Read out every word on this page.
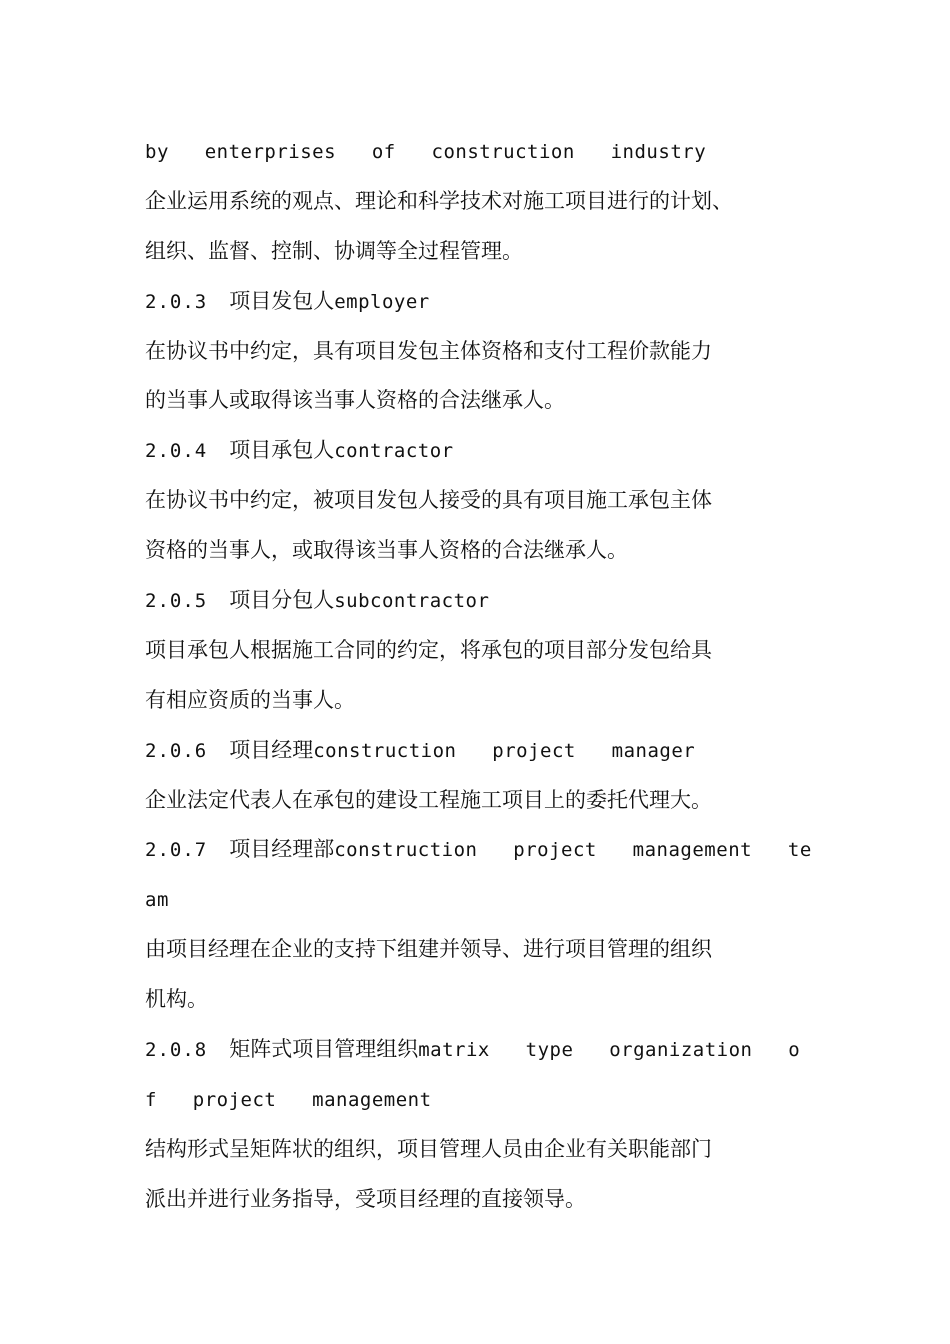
by   enterprises   of   construction   industry
企业运用系统的观点、理论和科学技术对施工项目进行的计划、
组织、监督、控制、协调等全过程管理。
2.0.3 项目发包人employer
在协议书中约定，具有项目发包主体资格和支付工程价款能力
的当事人或取得该当事人资格的合法继承人。
2.0.4 项目承包人contractor
在协议书中约定，被项目发包人接受的具有项目施工承包主体
资格的当事人，或取得该当事人资格的合法继承人。
2.0.5 项目分包人subcontractor
项目承包人根据施工合同的约定，将承包的项目部分发包给具
有相应资质的当事人。
2.0.6 项目经理construction   project   manager
企业法定代表人在承包的建设工程施工项目上的委托代理大。
2.0.7 项目经理部construction   project   management   te
am
由项目经理在企业的支持下组建并领导、进行项目管理的组织
机构。
2.0.8 矩阵式项目管理组织matrix   type   organization   o
f   project   management
结构形式呈矩阵状的组织，项目管理人员由企业有关职能部门
派出并进行业务指导，受项目经理的直接领导。
